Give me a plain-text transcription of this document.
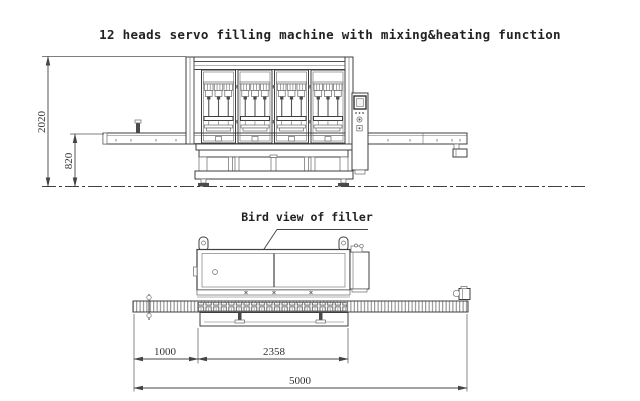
12 heads servo filling machine with mixing&heating function
2020
820
Bird view of filler
1000	2358
5000
